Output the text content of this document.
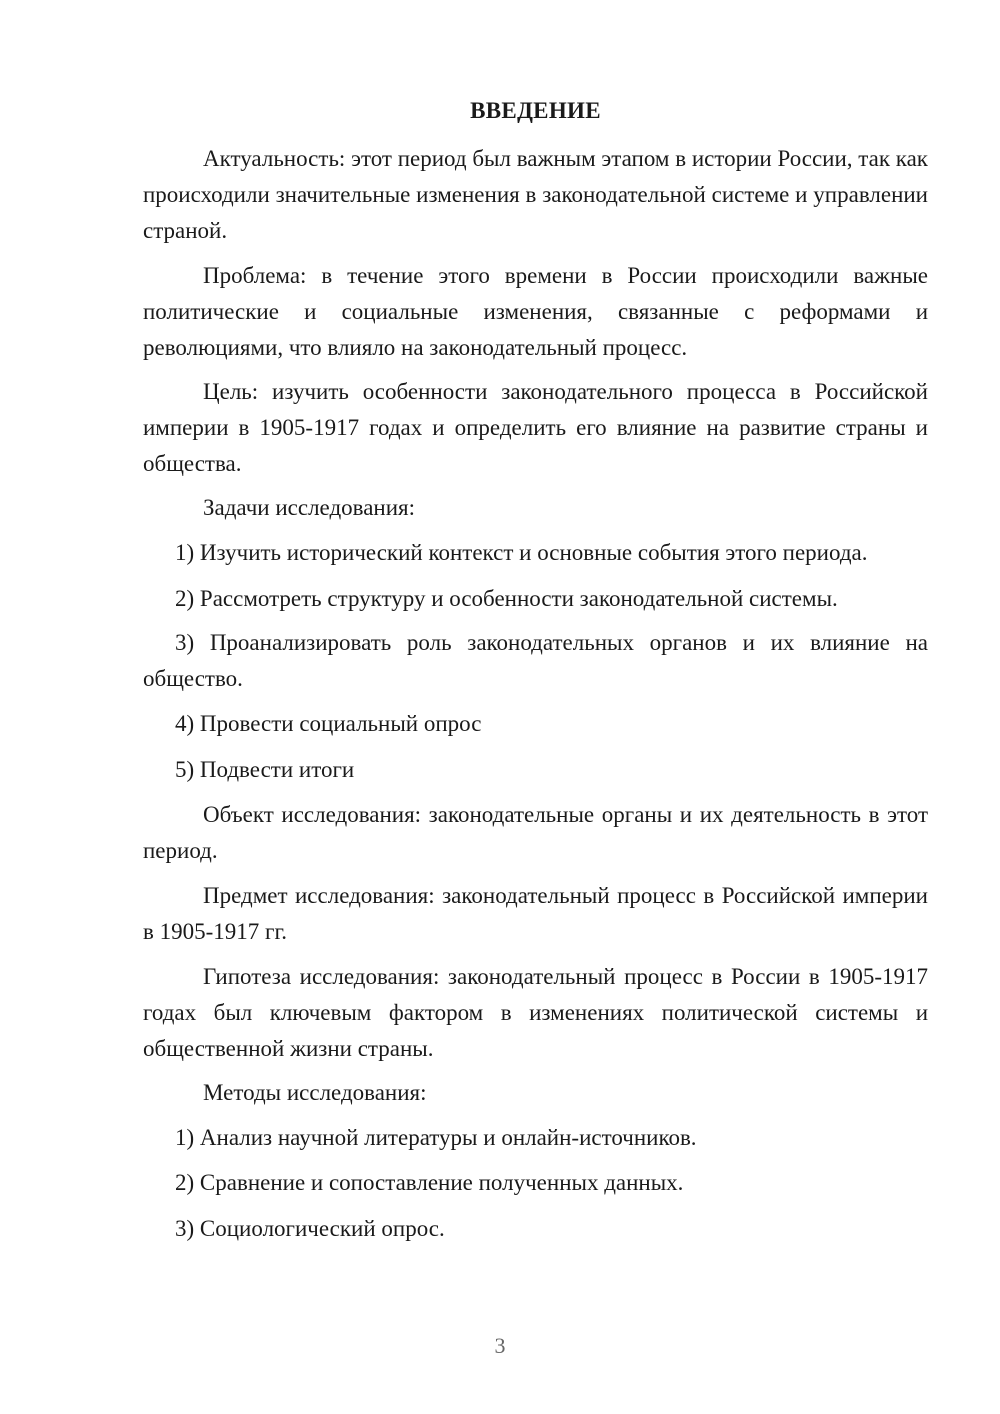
ВВЕДЕНИЕ

Актуальность: этот период был важным этапом в истории России, так как происходили значительные изменения в законодательной системе и управлении страной.

Проблема: в течение этого времени в России происходили важные политические и социальные изменения, связанные с реформами и революциями, что влияло на законодательный процесс.

Цель: изучить особенности законодательного процесса в Российской империи в 1905-1917 годах и определить его влияние на развитие страны и общества.

Задачи исследования:

1) Изучить исторический контекст и основные события этого периода.

2) Рассмотреть структуру и особенности законодательной системы.

3) Проанализировать роль законодательных органов и их влияние на общество.

4) Провести социальный опрос

5) Подвести итоги

Объект исследования: законодательные органы и их деятельность в этот период.

Предмет исследования: законодательный процесс в Российской империи в 1905-1917 гг.

Гипотеза исследования: законодательный процесс в России в 1905-1917 годах был ключевым фактором в изменениях политической системы и общественной жизни страны.

Методы исследования:

1) Анализ научной литературы и онлайн-источников.

2) Сравнение и сопоставление полученных данных.

3) Социологический опрос.

3
